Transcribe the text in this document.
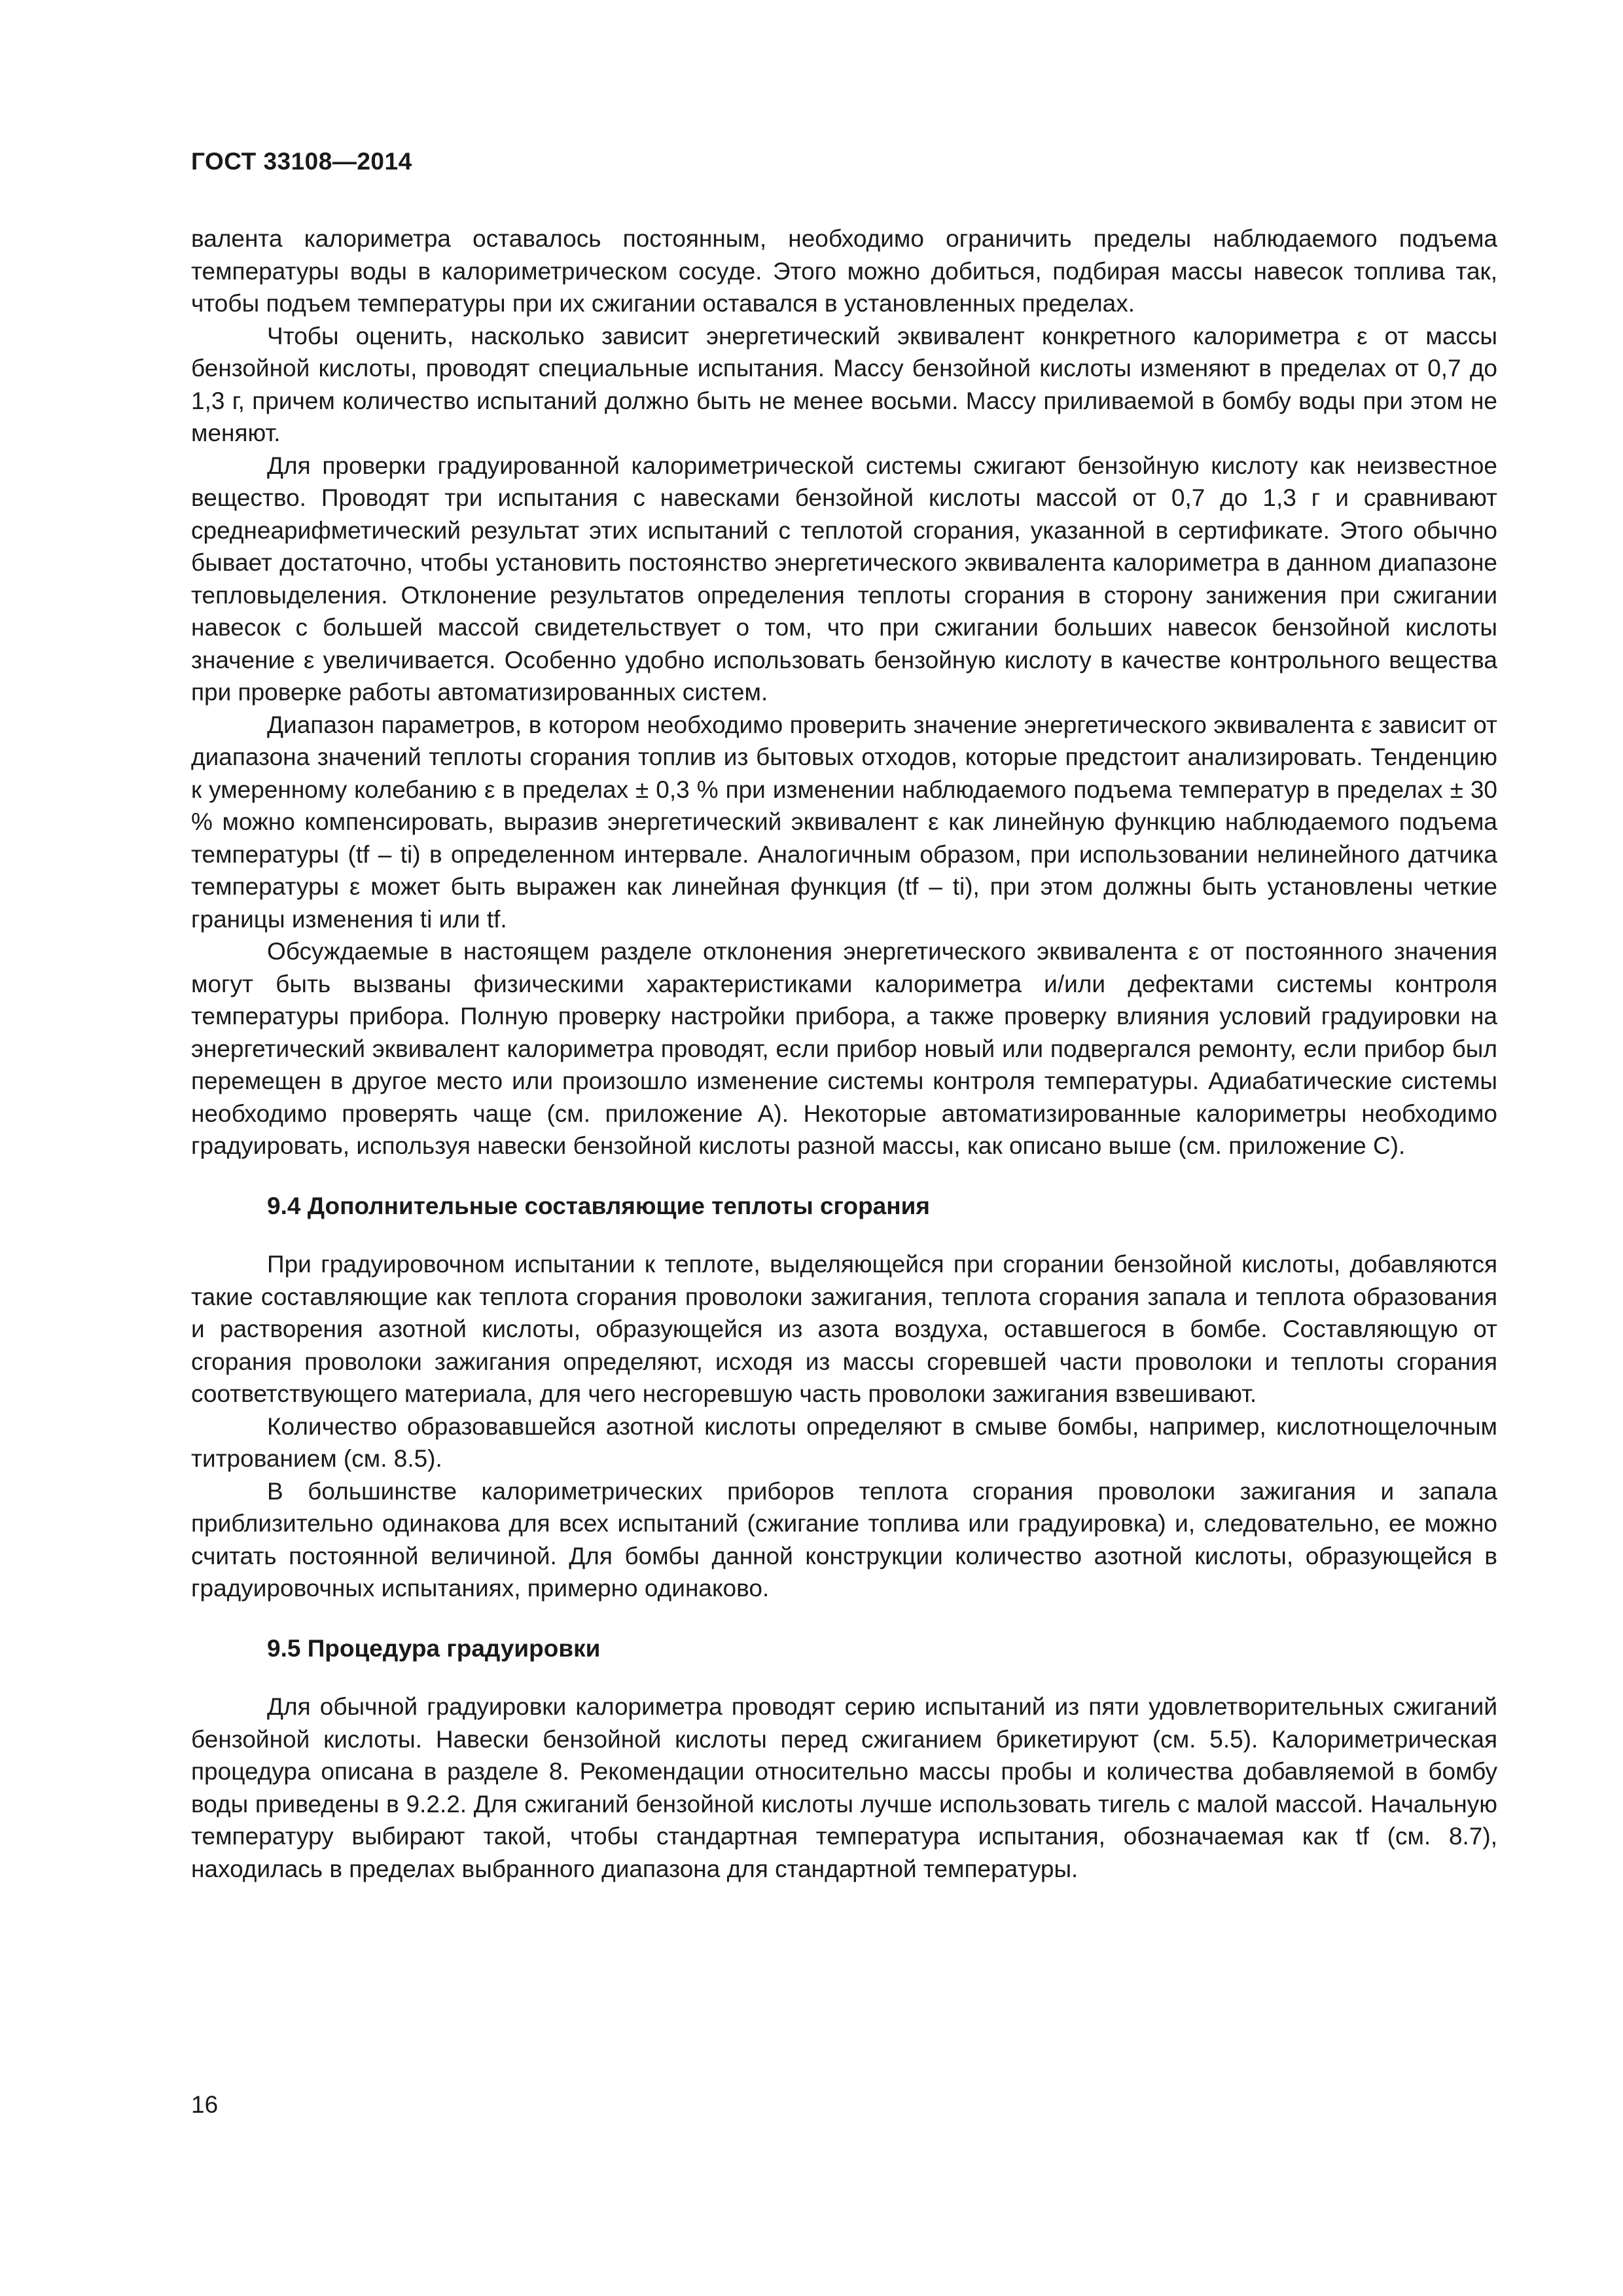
ГОСТ 33108—2014

валента калориметра оставалось постоянным, необходимо ограничить пределы наблюдаемого подъема температуры воды в калориметрическом сосуде. Этого можно добиться, подбирая массы навесок топлива так, чтобы подъем температуры при их сжигании оставался в установленных пределах.

Чтобы оценить, насколько зависит энергетический эквивалент конкретного калориметра ε от массы бензойной кислоты, проводят специальные испытания. Массу бензойной кислоты изменяют в пределах от 0,7 до 1,3 г, причем количество испытаний должно быть не менее восьми. Массу приливаемой в бомбу воды при этом не меняют.

Для проверки градуированной калориметрической системы сжигают бензойную кислоту как неизвестное вещество. Проводят три испытания с навесками бензойной кислоты массой от 0,7 до 1,3 г и сравнивают среднеарифметический результат этих испытаний с теплотой сгорания, указанной в сертификате. Этого обычно бывает достаточно, чтобы установить постоянство энергетического эквивалента калориметра в данном диапазоне тепловыделения. Отклонение результатов определения теплоты сгорания в сторону занижения при сжигании навесок с большей массой свидетельствует о том, что при сжигании больших навесок бензойной кислоты значение ε увеличивается. Особенно удобно использовать бензойную кислоту в качестве контрольного вещества при проверке работы автоматизированных систем.

Диапазон параметров, в котором необходимо проверить значение энергетического эквивалента ε зависит от диапазона значений теплоты сгорания топлив из бытовых отходов, которые предстоит анализировать. Тенденцию к умеренному колебанию ε в пределах ± 0,3 % при изменении наблюдаемого подъема температур в пределах ± 30 % можно компенсировать, выразив энергетический эквивалент ε как линейную функцию наблюдаемого подъема температуры (tf – ti) в определенном интервале. Аналогичным образом, при использовании нелинейного датчика температуры ε может быть выражен как линейная функция (tf – ti), при этом должны быть установлены четкие границы изменения ti или tf.

Обсуждаемые в настоящем разделе отклонения энергетического эквивалента ε от постоянного значения могут быть вызваны физическими характеристиками калориметра и/или дефектами системы контроля температуры прибора. Полную проверку настройки прибора, а также проверку влияния условий градуировки на энергетический эквивалент калориметра проводят, если прибор новый или подвергался ремонту, если прибор был перемещен в другое место или произошло изменение системы контроля температуры. Адиабатические системы необходимо проверять чаще (см. приложение А). Некоторые автоматизированные калориметры необходимо градуировать, используя навески бензойной кислоты разной массы, как описано выше (см. приложение С).

9.4 Дополнительные составляющие теплоты сгорания

При градуировочном испытании к теплоте, выделяющейся при сгорании бензойной кислоты, добавляются такие составляющие как теплота сгорания проволоки зажигания, теплота сгорания запала и теплота образования и растворения азотной кислоты, образующейся из азота воздуха, оставшегося в бомбе. Составляющую от сгорания проволоки зажигания определяют, исходя из массы сгоревшей части проволоки и теплоты сгорания соответствующего материала, для чего несгоревшую часть проволоки зажигания взвешивают.

Количество образовавшейся азотной кислоты определяют в смыве бомбы, например, кислотнощелочным титрованием (см. 8.5).

В большинстве калориметрических приборов теплота сгорания проволоки зажигания и запала приблизительно одинакова для всех испытаний (сжигание топлива или градуировка) и, следовательно, ее можно считать постоянной величиной. Для бомбы данной конструкции количество азотной кислоты, образующейся в градуировочных испытаниях, примерно одинаково.

9.5 Процедура градуировки

Для обычной градуировки калориметра проводят серию испытаний из пяти удовлетворительных сжиганий бензойной кислоты. Навески бензойной кислоты перед сжиганием брикетируют (см. 5.5). Калориметрическая процедура описана в разделе 8. Рекомендации относительно массы пробы и количества добавляемой в бомбу воды приведены в 9.2.2. Для сжиганий бензойной кислоты лучше использовать тигель с малой массой. Начальную температуру выбирают такой, чтобы стандартная температура испытания, обозначаемая как tf (см. 8.7), находилась в пределах выбранного диапазона для стандартной температуры.

16
